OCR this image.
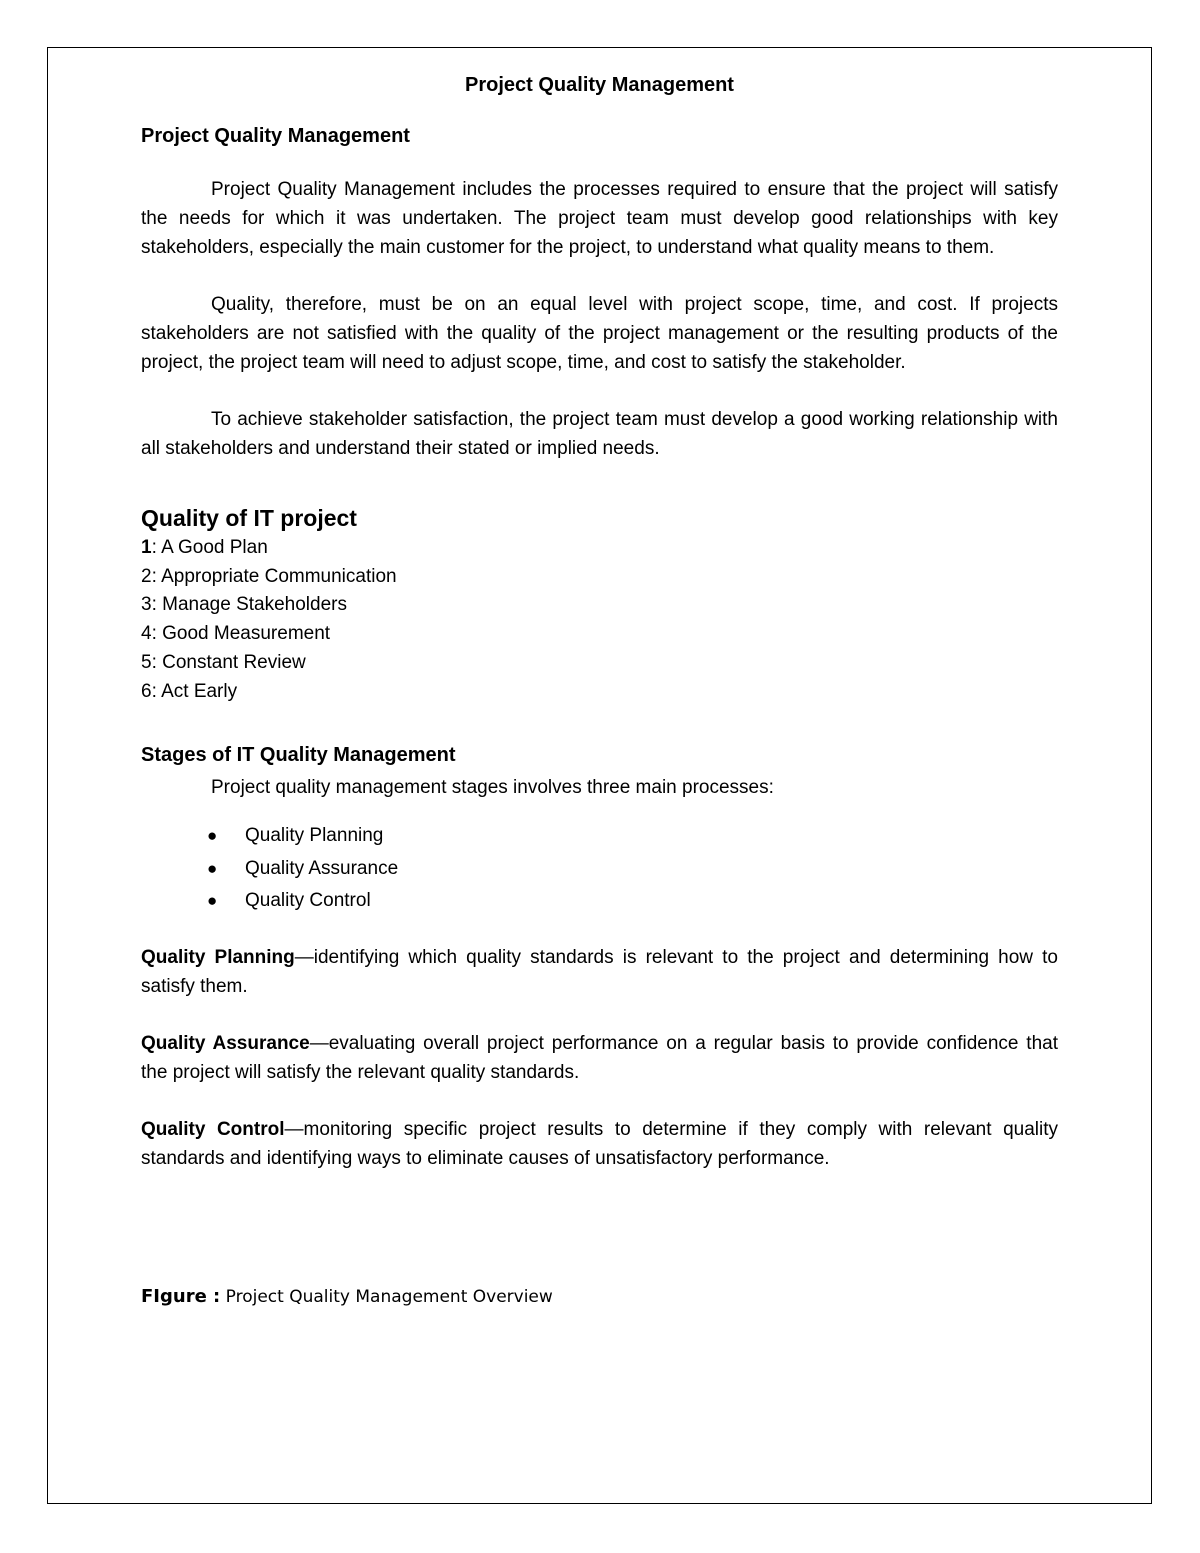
Project Quality Management

Project Quality Management

Project Quality Management includes the processes required to ensure that the project will satisfy the needs for which it was undertaken. The project team must develop good relationships with key stakeholders, especially the main customer for the project, to understand what quality means to them.

Quality, therefore, must be on an equal level with project scope, time, and cost. If projects stakeholders are not satisfied with the quality of the project management or the resulting products of the project, the project team will need to adjust scope, time, and cost to satisfy the stakeholder.

To achieve stakeholder satisfaction, the project team must develop a good working relationship with all stakeholders and understand their stated or implied needs.

Quality of IT project

1: A Good Plan
2: Appropriate Communication
3: Manage Stakeholders
4: Good Measurement
5: Constant Review
6: Act Early

Stages of IT Quality Management

Project quality management stages involves three main processes:

● Quality Planning
● Quality Assurance
● Quality Control

Quality Planning—identifying which quality standards is relevant to the project and determining how to satisfy them.

Quality Assurance—evaluating overall project performance on a regular basis to provide confidence that the project will satisfy the relevant quality standards.

Quality Control—monitoring specific project results to determine if they comply with relevant quality standards and identifying ways to eliminate causes of unsatisfactory performance.

FIgure : Project Quality Management Overview
